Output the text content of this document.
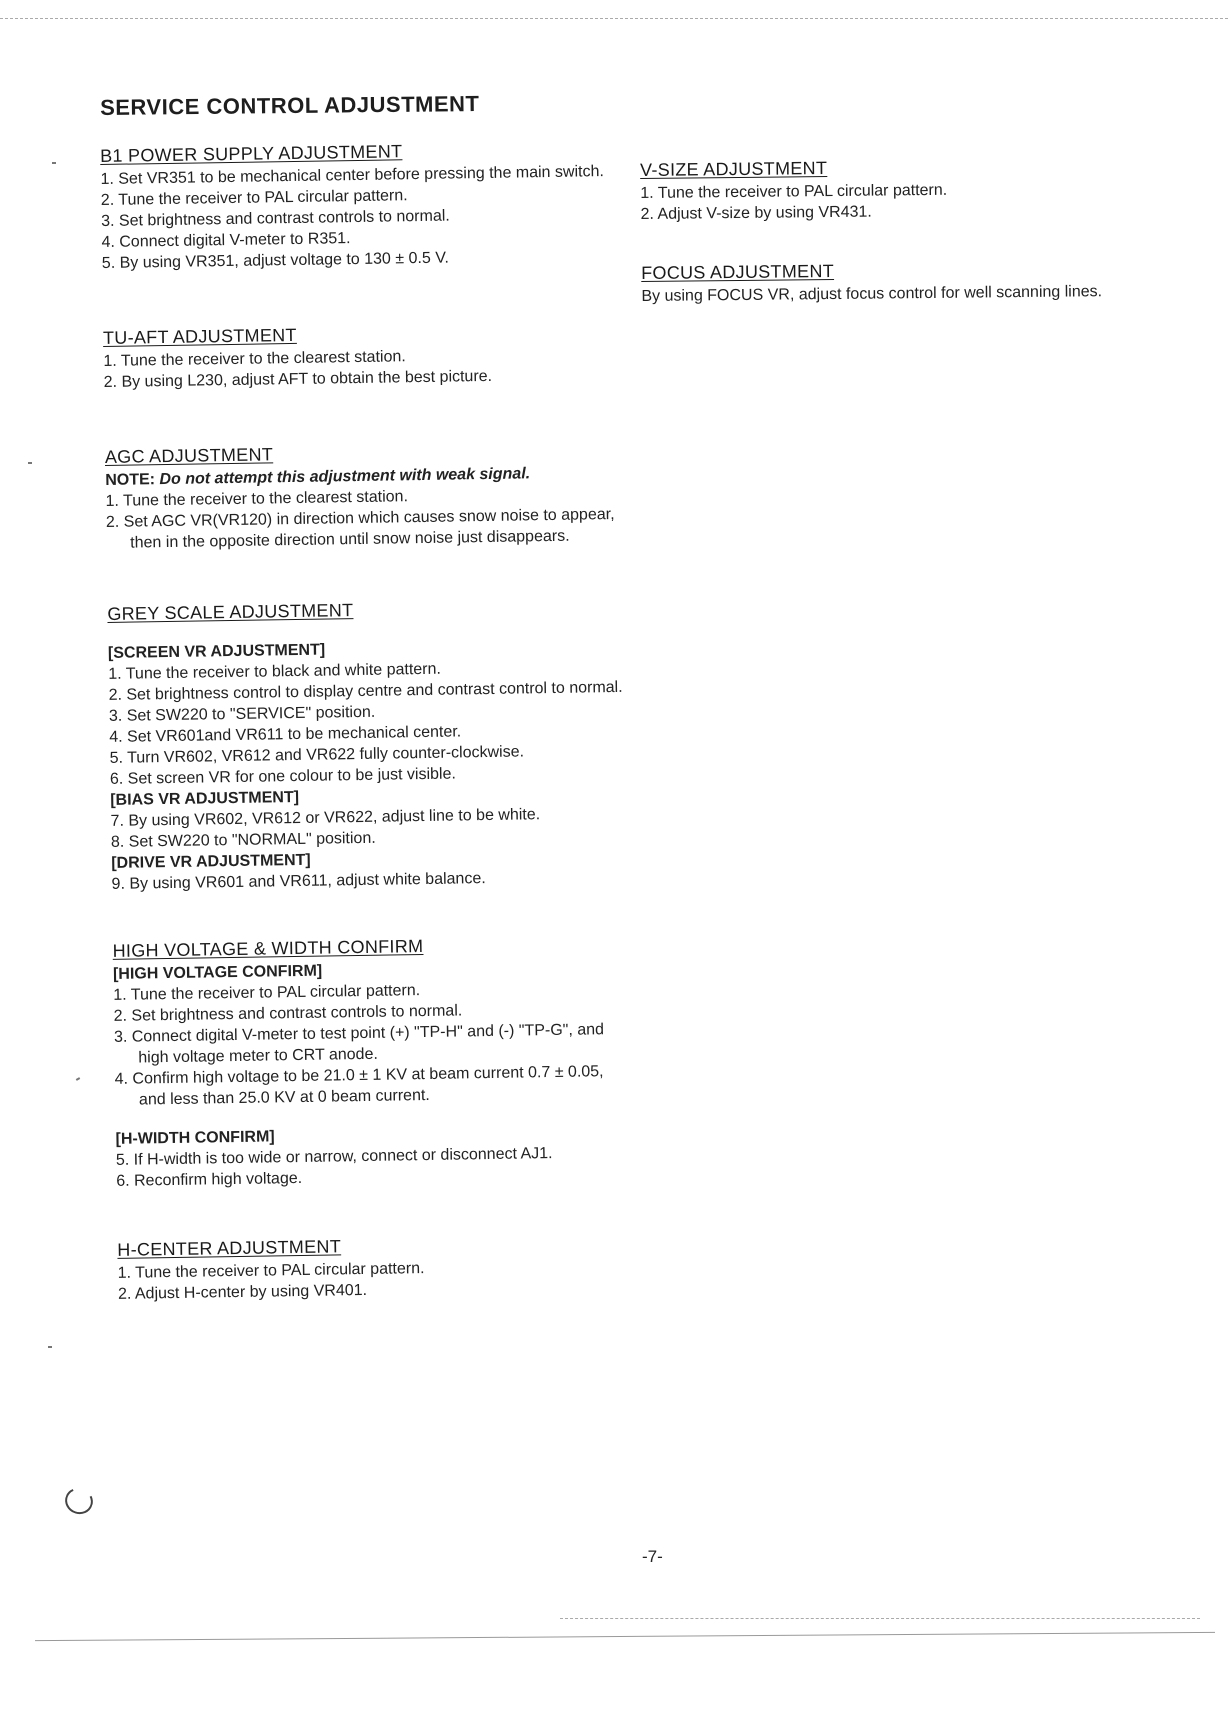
SERVICE CONTROL ADJUSTMENT
B1 POWER SUPPLY ADJUSTMENT
1. Set VR351 to be mechanical center before pressing the main switch.
2. Tune the receiver to PAL circular pattern.
3. Set brightness and contrast controls to normal.
4. Connect digital V-meter to R351.
5. By using VR351, adjust voltage to 130 ± 0.5 V.
TU-AFT ADJUSTMENT
1. Tune the receiver to the clearest station.
2. By using L230, adjust AFT to obtain the best picture.
AGC ADJUSTMENT

NOTE: Do not attempt this adjustment with weak signal.

1. Tune the receiver to the clearest station.
2. Set AGC VR(VR120) in direction which causes snow noise to appear, then in the opposite direction until snow noise just disappears.
GREY SCALE ADJUSTMENT
[SCREEN VR ADJUSTMENT]
1. Tune the receiver to black and white pattern.
2. Set brightness control to display centre and contrast control to normal.
3. Set SW220 to "SERVICE" position.
4. Set VR601and VR611 to be mechanical center.
5. Turn VR602, VR612 and VR622 fully counter-clockwise.
6. Set screen VR for one colour to be just visible.
[BIAS VR ADJUSTMENT]
7. By using VR602, VR612 or VR622, adjust line to be white.
8. Set SW220 to "NORMAL" position.
[DRIVE VR ADJUSTMENT]
9. By using VR601 and VR611, adjust white balance.
HIGH VOLTAGE & WIDTH CONFIRM
[HIGH VOLTAGE CONFIRM]
1. Tune the receiver to PAL circular pattern.
2. Set brightness and contrast controls to normal.
3. Connect digital V-meter to test point (+) "TP-H" and (-) "TP-G", and high voltage meter to CRT anode.
4. Confirm high voltage to be 21.0 ± 1 KV at beam current 0.7 ± 0.05, and less than 25.0 KV at 0 beam current.
[H-WIDTH CONFIRM]
5. If H-width is too wide or narrow, connect or disconnect AJ1.
6. Reconfirm high voltage.
H-CENTER ADJUSTMENT
1. Tune the receiver to PAL circular pattern.
2. Adjust H-center by using VR401.
V-SIZE ADJUSTMENT
1. Tune the receiver to PAL circular pattern.
2. Adjust V-size by using VR431.
FOCUS ADJUSTMENT

By using FOCUS VR, adjust focus control for well scanning lines.

-7-
